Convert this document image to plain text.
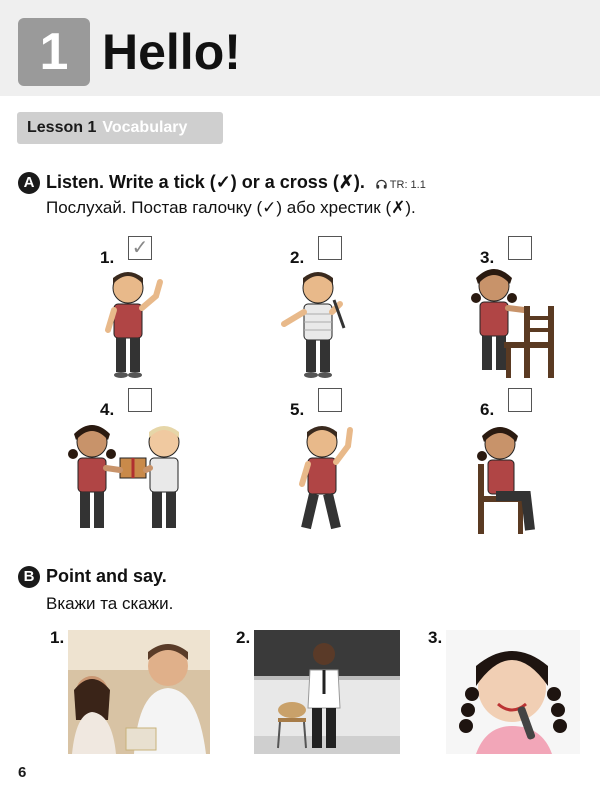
1 Hello!
Lesson 1 Vocabulary
A Listen. Write a tick (✓) or a cross (✗). TR: 1.1
Послухай. Постав галочку (✓) або хрестик (✗).
1. ✓	2.	3.
4.	5.	6.
B Point and say.
Вкажи та скажи.
1.	2.	3.
6
